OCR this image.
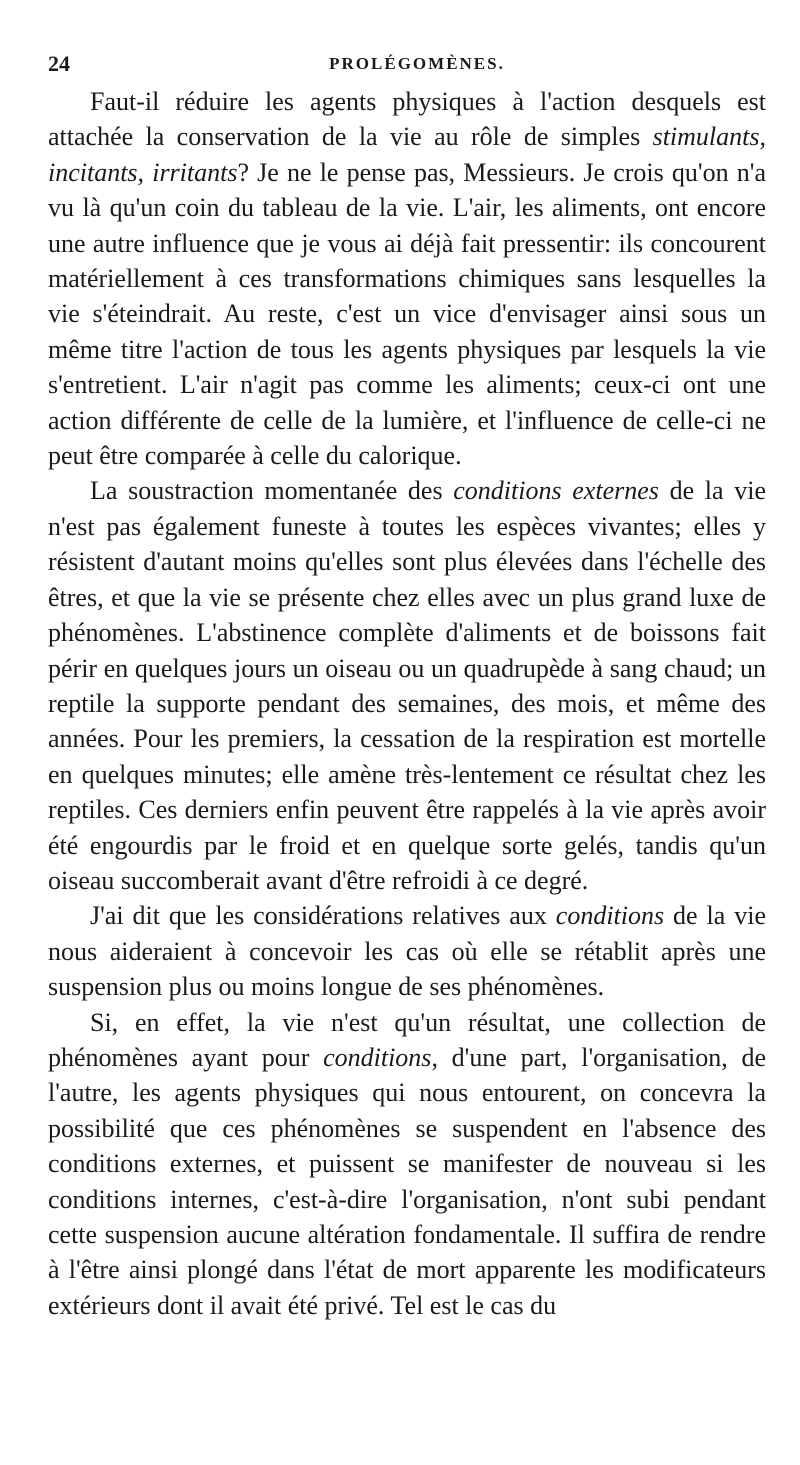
24	PROLÉGOMÈNES.

Faut-il réduire les agents physiques à l'action desquels est attachée la conservation de la vie au rôle de simples stimulants, incitants, irritants? Je ne le pense pas, Messieurs. Je crois qu'on n'a vu là qu'un coin du tableau de la vie. L'air, les aliments, ont encore une autre influence que je vous ai déjà fait pressentir: ils concourent matériellement à ces transformations chimiques sans lesquelles la vie s'éteindrait. Au reste, c'est un vice d'envisager ainsi sous un même titre l'action de tous les agents physiques par lesquels la vie s'entretient. L'air n'agit pas comme les aliments; ceux-ci ont une action différente de celle de la lumière, et l'influence de celle-ci ne peut être comparée à celle du calorique.

La soustraction momentanée des conditions externes de la vie n'est pas également funeste à toutes les espèces vivantes; elles y résistent d'autant moins qu'elles sont plus élevées dans l'échelle des êtres, et que la vie se présente chez elles avec un plus grand luxe de phénomènes. L'abstinence complète d'aliments et de boissons fait périr en quelques jours un oiseau ou un quadrupède à sang chaud; un reptile la supporte pendant des semaines, des mois, et même des années. Pour les premiers, la cessation de la respiration est mortelle en quelques minutes; elle amène très-lentement ce résultat chez les reptiles. Ces derniers enfin peuvent être rappelés à la vie après avoir été engourdis par le froid et en quelque sorte gelés, tandis qu'un oiseau succomberait avant d'être refroidi à ce degré.

J'ai dit que les considérations relatives aux conditions de la vie nous aideraient à concevoir les cas où elle se rétablit après une suspension plus ou moins longue de ses phénomènes.

Si, en effet, la vie n'est qu'un résultat, une collection de phénomènes ayant pour conditions, d'une part, l'organisation, de l'autre, les agents physiques qui nous entourent, on concevra la possibilité que ces phénomènes se suspendent en l'absence des conditions externes, et puissent se manifester de nouveau si les conditions internes, c'est-à-dire l'organisation, n'ont subi pendant cette suspension aucune altération fondamentale. Il suffira de rendre à l'être ainsi plongé dans l'état de mort apparente les modificateurs extérieurs dont il avait été privé. Tel est le cas du
